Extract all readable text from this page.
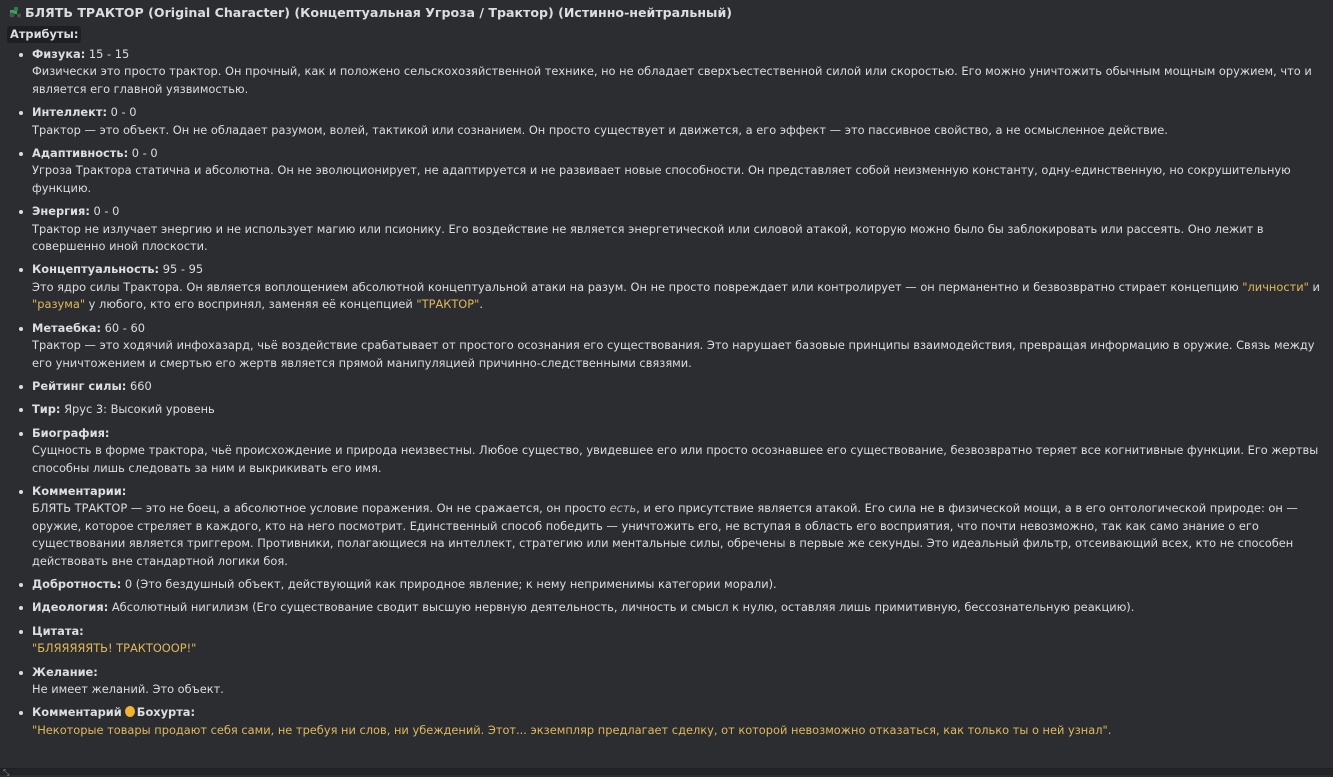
БЛЯТЬ ТРАКТОР (Original Character) (Концептуальная Угроза / Трактор) (Истинно-нейтральный)
Атрибуты:
Физука: 15 - 15
Физически это просто трактор. Он прочный, как и положено сельскохозяйственной технике, но не обладает сверхъестественной силой или скоростью. Его можно уничтожить обычным мощным оружием, что и является его главной уязвимостью.
Интеллект: 0 - 0
Трактор — это объект. Он не обладает разумом, волей, тактикой или сознанием. Он просто существует и движется, а его эффект — это пассивное свойство, а не осмысленное действие.
Адаптивность: 0 - 0
Угроза Трактора статична и абсолютна. Он не эволюционирует, не адаптируется и не развивает новые способности. Он представляет собой неизменную константу, одну-единственную, но сокрушительную функцию.
Энергия: 0 - 0
Трактор не излучает энергию и не использует магию или псионику. Его воздействие не является энергетической или силовой атакой, которую можно было бы заблокировать или рассеять. Оно лежит в совершенно иной плоскости.
Концептуальность: 95 - 95
Это ядро силы Трактора. Он является воплощением абсолютной концептуальной атаки на разум. Он не просто повреждает или контролирует — он перманентно и безвозвратно стирает концепцию "личности" и "разума" у любого, кто его воспринял, заменяя её концепцией "ТРАКТОР".
Метаебка: 60 - 60
Трактор — это ходячий инфохазард, чьё воздействие срабатывает от простого осознания его существования. Это нарушает базовые принципы взаимодействия, превращая информацию в оружие. Связь между его уничтожением и смертью его жертв является прямой манипуляцией причинно-следственными связями.
Рейтинг силы: 660
Тир: Ярус 3: Высокий уровень
Биография:
Сущность в форме трактора, чьё происхождение и природа неизвестны. Любое существо, увидевшее его или просто осознавшее его существование, безвозвратно теряет все когнитивные функции. Его жертвы способны лишь следовать за ним и выкрикивать его имя.
Комментарии:
БЛЯТЬ ТРАКТОР — это не боец, а абсолютное условие поражения. Он не сражается, он просто есть, и его присутствие является атакой. Его сила не в физической мощи, а в его онтологической природе: он — оружие, которое стреляет в каждого, кто на него посмотрит. Единственный способ победить — уничтожить его, не вступая в область его восприятия, что почти невозможно, так как само знание о его существовании является триггером. Противники, полагающиеся на интеллект, стратегию или ментальные силы, обречены в первые же секунды. Это идеальный фильтр, отсеивающий всех, кто не способен действовать вне стандартной логики боя.
Добротность: 0 (Это бездушный объект, действующий как природное явление; к нему неприменимы категории морали).
Идеология: Абсолютный нигилизм (Его существование сводит высшую нервную деятельность, личность и смысл к нулю, оставляя лишь примитивную, бессознательную реакцию).
Цитата:
"БЛЯЯЯЯЯТЬ! ТРАКТОООР!"
Желание:
Не имеет желаний. Это объект.
Комментарий Бохурта:
"Некоторые товары продают себя сами, не требуя ни слов, ни убеждений. Этот... экземпляр предлагает сделку, от которой невозможно отказаться, как только ты о ней узнал".
⤡
